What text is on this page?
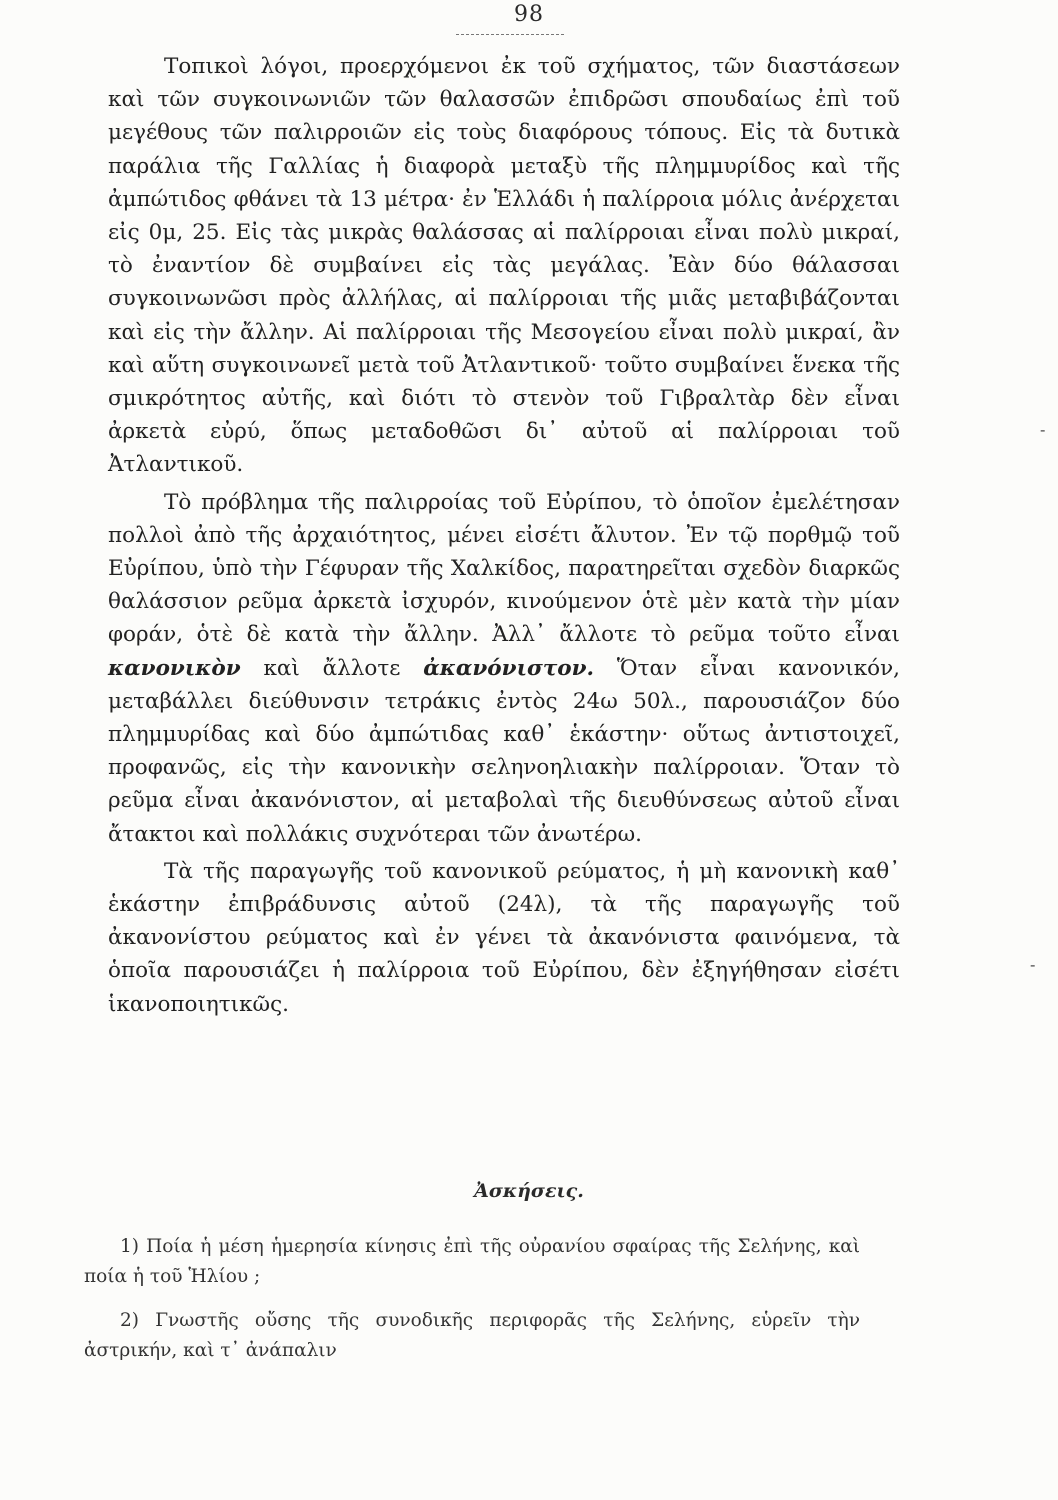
98

Τοπικοὶ λόγοι, προερχόμενοι ἐκ τοῦ σχήματος, τῶν διαστάσεων καὶ τῶν συγκοινωνιῶν τῶν θαλασσῶν ἐπιδρῶσι σπουδαίως ἐπὶ τοῦ μεγέθους τῶν παλιρροιῶν εἰς τοὺς διαφόρους τόπους. Εἰς τὰ δυτικὰ παράλια τῆς Γαλλίας ἡ διαφορὰ μεταξὺ τῆς πλημμυρίδος καὶ τῆς ἀμπώτιδος φθάνει τὰ 13 μέτρα· ἐν Ἑλλάδι ἡ παλίρροια μόλις ἀνέρχεται εἰς 0μ, 25. Εἰς τὰς μικρὰς θαλάσσας αἱ παλίρροιαι εἶναι πολὺ μικραί, τὸ ἐναντίον δὲ συμβαίνει εἰς τὰς μεγάλας. Ἐὰν δύο θάλασσαι συγκοινωνῶσι πρὸς ἀλλήλας, αἱ παλίρροιαι τῆς μιᾶς μεταβιβάζονται καὶ εἰς τὴν ἄλλην. Αἱ παλίρροιαι τῆς Μεσογείου εἶναι πολὺ μικραί, ἂν καὶ αὕτη συγκοινωνεῖ μετὰ τοῦ Ἀτλαντικοῦ· τοῦτο συμβαίνει ἕνεκα τῆς σμικρότητος αὐτῆς, καὶ διότι τὸ στενὸν τοῦ Γιβραλτὰρ δὲν εἶναι ἀρκετὰ εὐρύ, ὅπως μεταδοθῶσι δι᾽ αὐτοῦ αἱ παλίρροιαι τοῦ Ἀτλαντικοῦ.

Τὸ πρόβλημα τῆς παλιρροίας τοῦ Εὐρίπου, τὸ ὁποῖον ἐμελέτησαν πολλοὶ ἀπὸ τῆς ἀρχαιότητος, μένει εἰσέτι ἄλυτον. Ἐν τῷ πορθμῷ τοῦ Εὐρίπου, ὑπὸ τὴν Γέφυραν τῆς Χαλκίδος, παρατηρεῖται σχεδὸν διαρκῶς θαλάσσιον ρεῦμα ἀρκετὰ ἰσχυρόν, κινούμενον ὁτὲ μὲν κατὰ τὴν μίαν φοράν, ὁτὲ δὲ κατὰ τὴν ἄλλην. Ἀλλ᾽ ἄλλοτε τὸ ρεῦμα τοῦτο εἶναι κανονικὸν καὶ ἄλλοτε ἀκανόνιστον. Ὅταν εἶναι κανονικόν, μεταβάλλει διεύθυνσιν τετράκις ἐντὸς 24ω 50λ., παρουσιάζον δύο πλημμυρίδας καὶ δύο ἀμπώτιδας καθ᾽ ἑκάστην· οὕτως ἀντιστοιχεῖ, προφανῶς, εἰς τὴν κανονικὴν σεληνοηλιακὴν παλίρροιαν. Ὅταν τὸ ρεῦμα εἶναι ἀκανόνιστον, αἱ μεταβολαὶ τῆς διευθύνσεως αὐτοῦ εἶναι ἄτακτοι καὶ πολλάκις συχνότεραι τῶν ἀνωτέρω.

Τὰ τῆς παραγωγῆς τοῦ κανονικοῦ ρεύματος, ἡ μὴ κανονικὴ καθ᾽ ἑκάστην ἐπιβράδυνσις αὐτοῦ (24λ), τὰ τῆς παραγωγῆς τοῦ ἀκανονίστου ρεύματος καὶ ἐν γένει τὰ ἀκανόνιστα φαινόμενα, τὰ ὁποῖα παρουσιάζει ἡ παλίρροια τοῦ Εὐρίπου, δὲν ἐξηγήθησαν εἰσέτι ἱκανοποιητικῶς.

Ἀσκήσεις.

1) Ποία ἡ μέση ἡμερησία κίνησις ἐπὶ τῆς οὐρανίου σφαίρας τῆς Σελήνης, καὶ ποία ἡ τοῦ Ἡλίου ;

2) Γνωστῆς οὔσης τῆς συνοδικῆς περιφορᾶς τῆς Σελήνης, εὑρεῖν τὴν ἀστρικήν, καὶ τ᾽ ἀνάπαλιν

-
-
